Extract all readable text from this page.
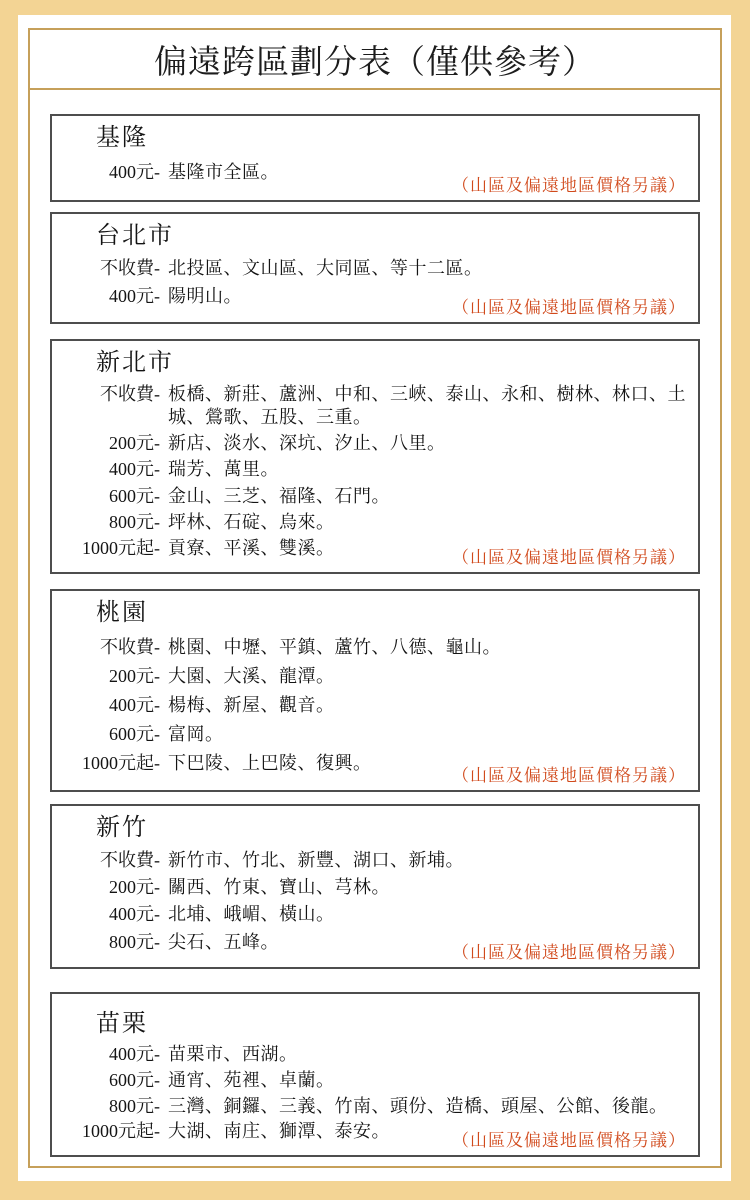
偏遠跨區劃分表（僅供參考）
基隆
400元- 基隆市全區。
（山區及偏遠地區價格另議）
台北市
不收費- 北投區、文山區、大同區、等十二區。
400元- 陽明山。
（山區及偏遠地區價格另議）
新北市
不收費- 板橋、新莊、蘆洲、中和、三峽、泰山、永和、樹林、林口、土城、鶯歌、五股、三重。
200元- 新店、淡水、深坑、汐止、八里。
400元- 瑞芳、萬里。
600元- 金山、三芝、福隆、石門。
800元- 坪林、石碇、烏來。
1000元起- 貢寮、平溪、雙溪。	（山區及偏遠地區價格另議）
桃園
不收費- 桃園、中壢、平鎮、蘆竹、八德、龜山。
200元- 大園、大溪、龍潭。
400元- 楊梅、新屋、觀音。
600元- 富岡。
1000元起- 下巴陵、上巴陵、復興。
（山區及偏遠地區價格另議）
新竹
不收費- 新竹市、竹北、新豐、湖口、新埔。
200元- 關西、竹東、寶山、芎林。
400元- 北埔、峨嵋、橫山。
800元- 尖石、五峰。
（山區及偏遠地區價格另議）
苗栗
400元- 苗栗市、西湖。
600元- 通宵、苑裡、卓蘭。
800元- 三灣、銅鑼、三義、竹南、頭份、造橋、頭屋、公館、後龍。
1000元起- 大湖、南庄、獅潭、泰安。	（山區及偏遠地區價格另議）
